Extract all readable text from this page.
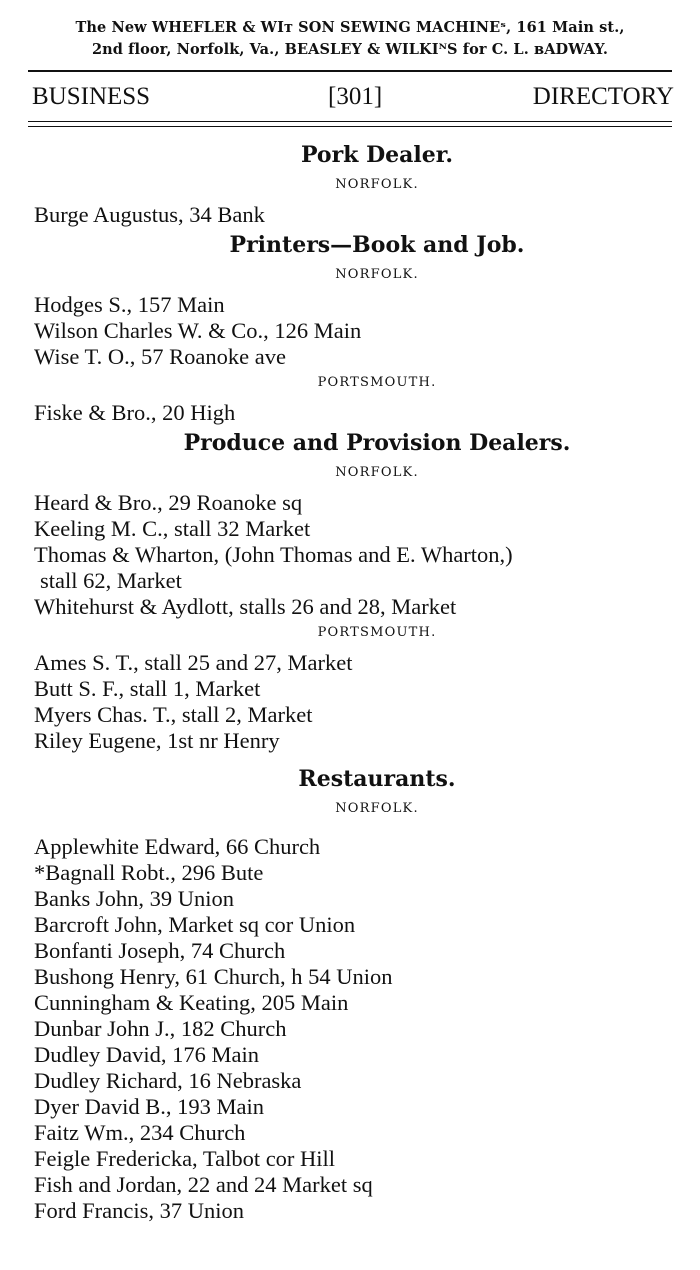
The New WHEFLER & WIᴛ SON SEWING MACHINEˢ, 161 Main st.,
2nd floor, Norfolk, Va., BEASLEY & WILKIᴺS for C. L. ʙADWAY.
BUSINESS	[301]	DIRECTORY
Pork Dealer.
NORFOLK.
Burge Augustus, 34 Bank
Printers—Book and Job.
NORFOLK.
Hodges S., 157 Main
Wilson Charles W. & Co., 126 Main
Wise T. O., 57 Roanoke ave
PORTSMOUTH.
Fiske & Bro., 20 High
Produce and Provision Dealers.
NORFOLK.
Heard & Bro., 29 Roanoke sq
Keeling M. C., stall 32 Market
Thomas & Wharton, (John Thomas and E. Wharton,)
stall 62, Market
Whitehurst & Aydlott, stalls 26 and 28, Market
PORTSMOUTH.
Ames S. T., stall 25 and 27, Market
Butt S. F., stall 1, Market
Myers Chas. T., stall 2, Market
Riley Eugene, 1st nr Henry
Restaurants.
NORFOLK.
Applewhite Edward, 66 Church
*Bagnall Robt., 296 Bute
Banks John, 39 Union
Barcroft John, Market sq cor Union
Bonfanti Joseph, 74 Church
Bushong Henry, 61 Church, h 54 Union
Cunningham & Keating, 205 Main
Dunbar John J., 182 Church
Dudley David, 176 Main
Dudley Richard, 16 Nebraska
Dyer David B., 193 Main
Faitz Wm., 234 Church
Feigle Fredericka, Talbot cor Hill
Fish and Jordan, 22 and 24 Market sq
Ford Francis, 37 Union
